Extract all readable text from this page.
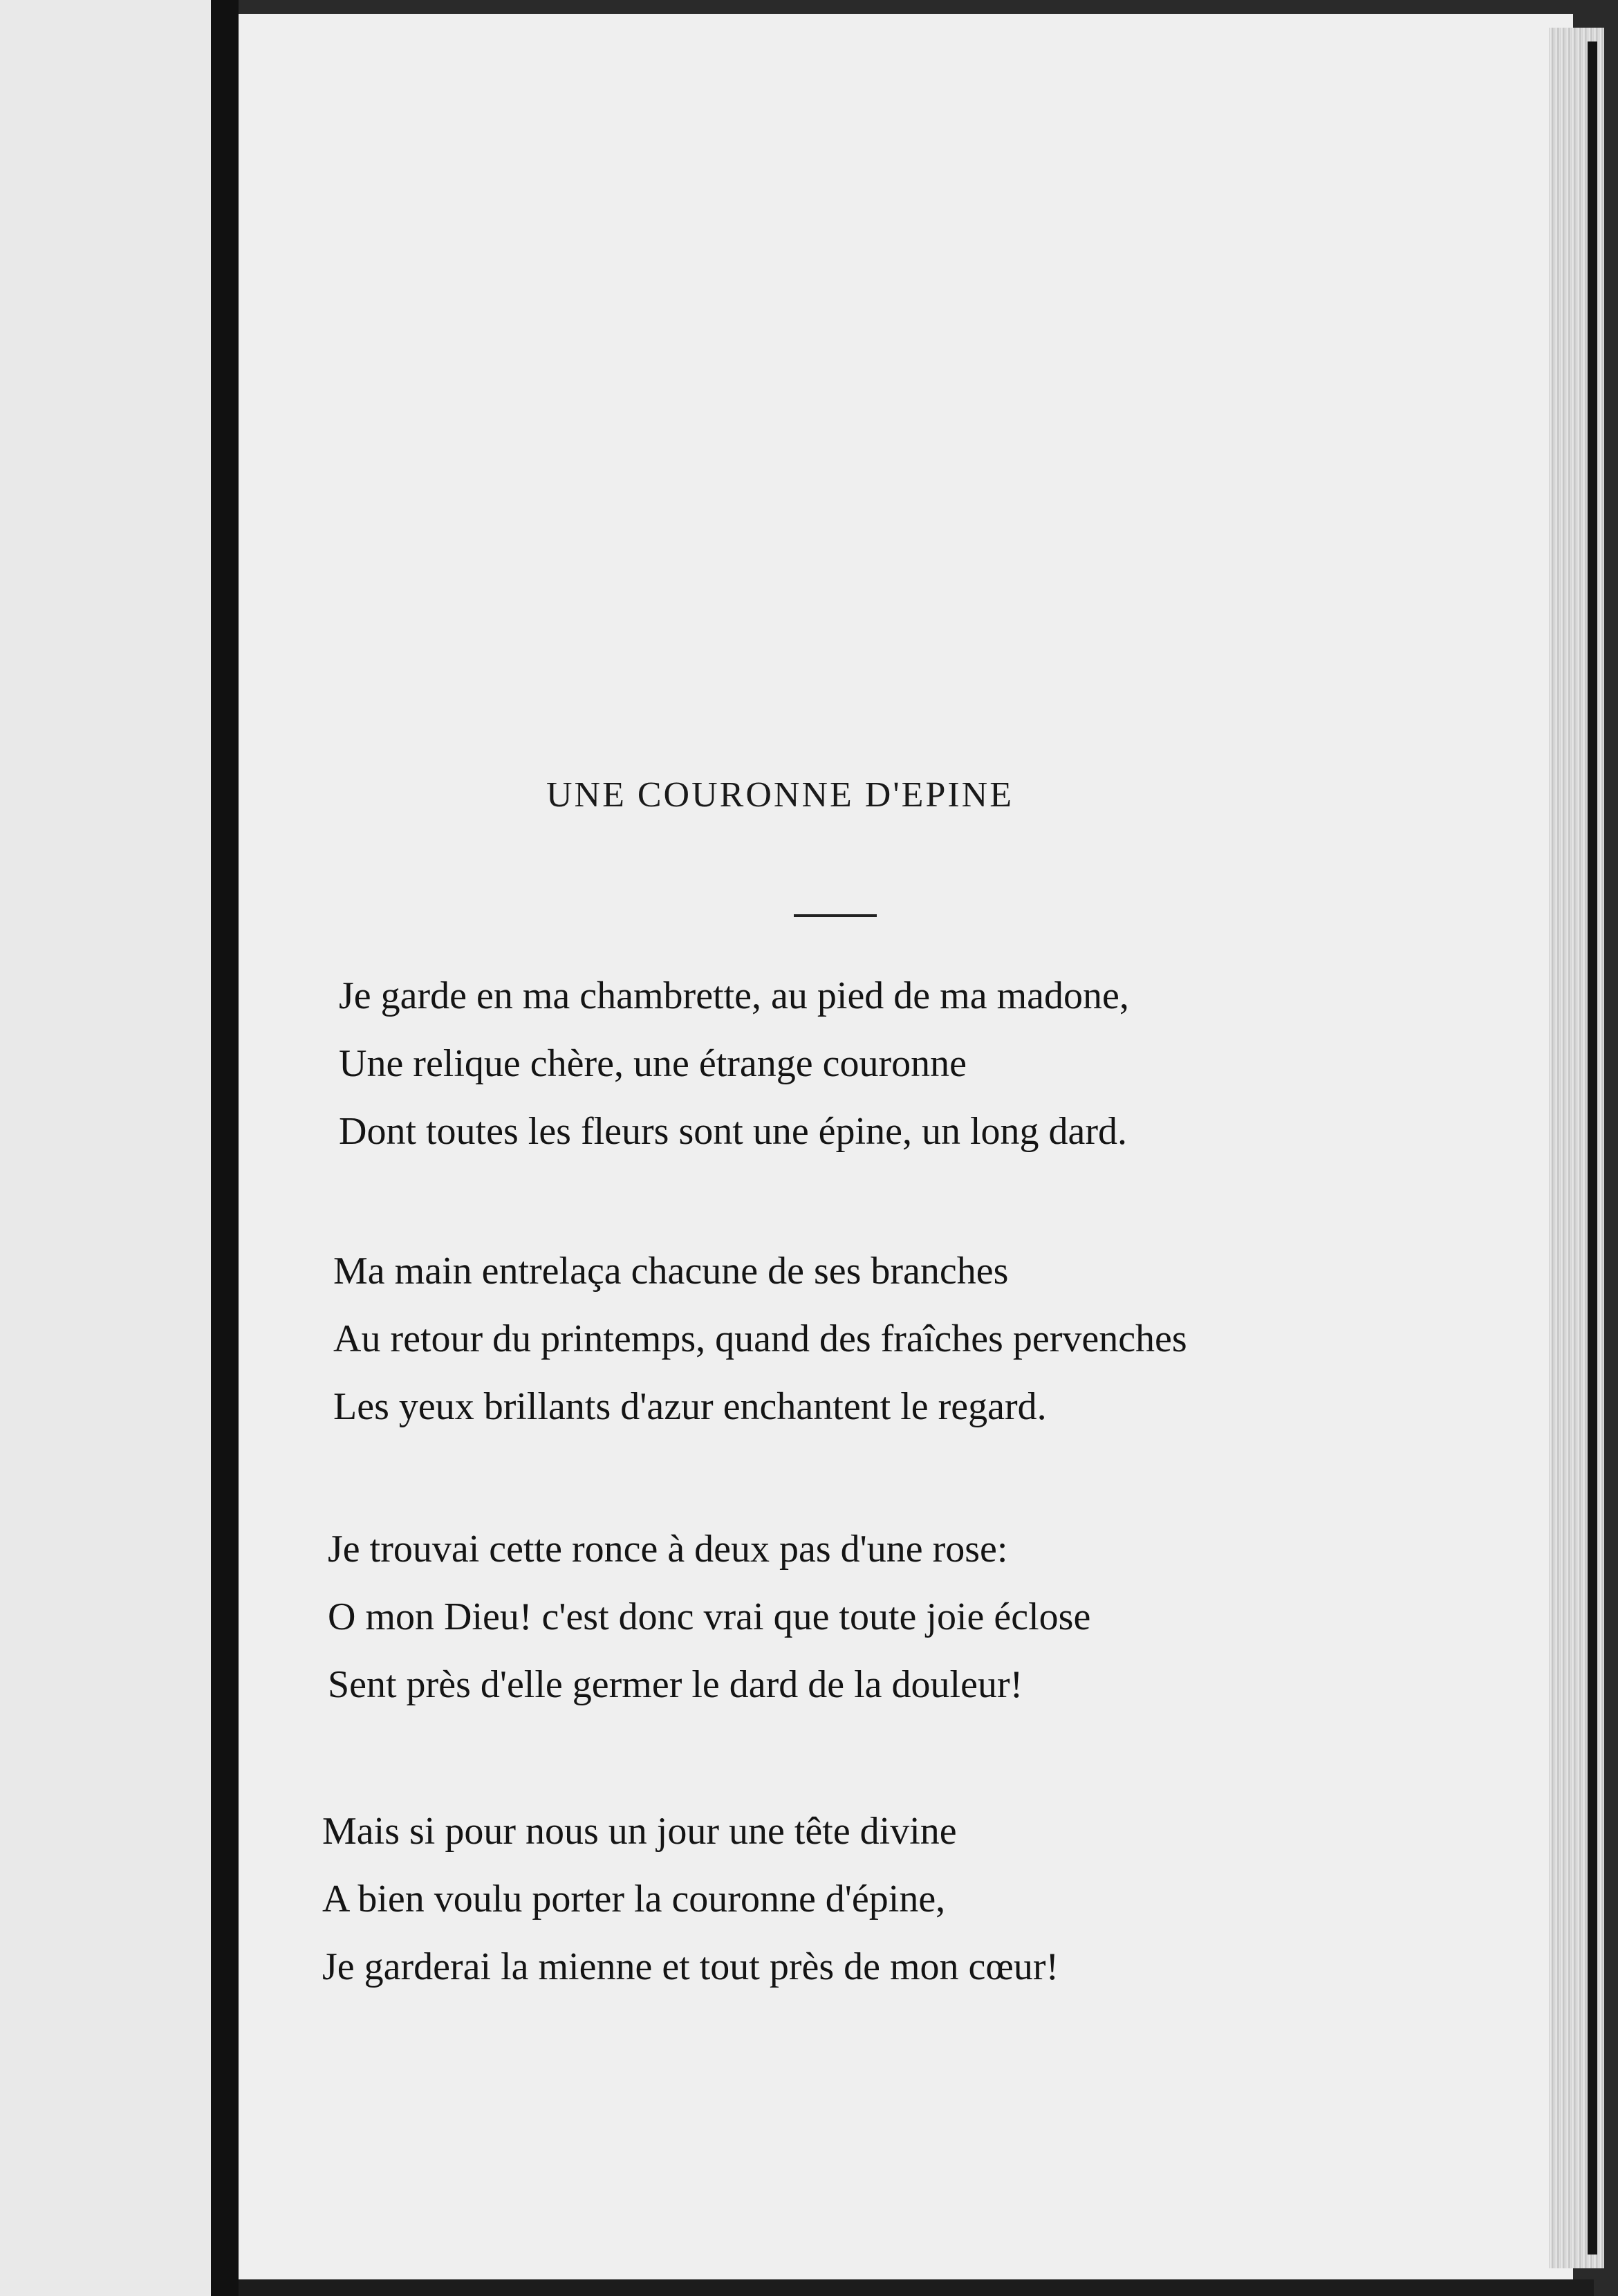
UNE COURONNE D'EPINE
Je garde en ma chambrette, au pied de ma madone,
Une relique chère, une étrange couronne
Dont toutes les fleurs sont une épine, un long dard.
Ma main entrelaça chacune de ses branches
Au retour du printemps, quand des fraîches pervenches
Les yeux brillants d'azur enchantent le regard.
Je trouvai cette ronce à deux pas d'une rose:
O mon Dieu! c'est donc vrai que toute joie éclose
Sent près d'elle germer le dard de la douleur!
Mais si pour nous un jour une tête divine
A bien voulu porter la couronne d'épine,
Je garderai la mienne et tout près de mon cœur!
